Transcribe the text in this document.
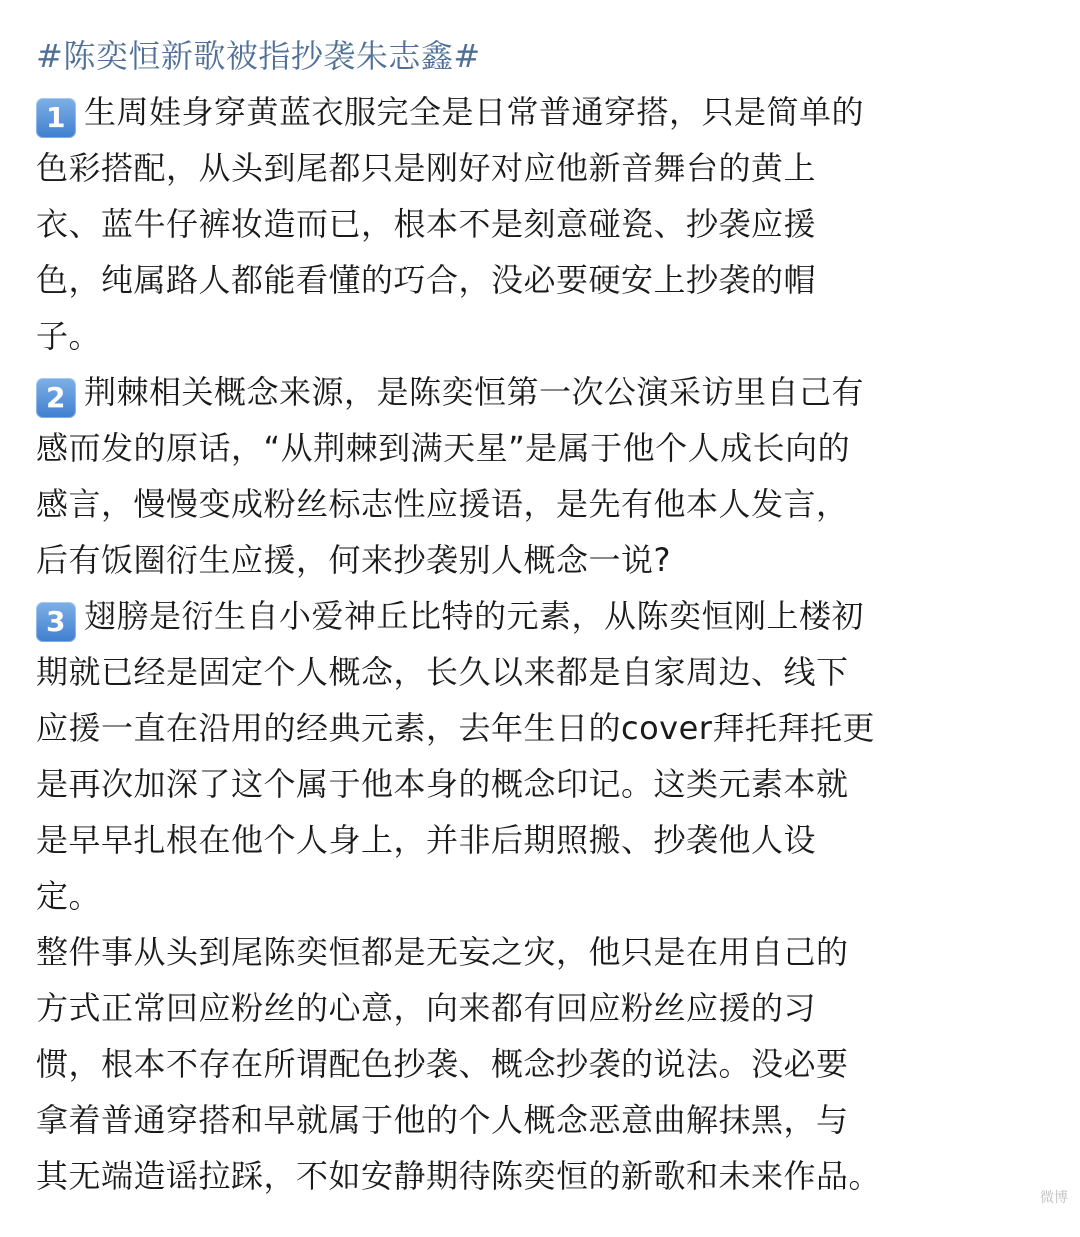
#陈奕恒新歌被指抄袭朱志鑫#
1 生周娃身穿黄蓝衣服完全是日常普通穿搭，只是简单的
色彩搭配，从头到尾都只是刚好对应他新音舞台的黄上
衣、蓝牛仔裤妆造而已，根本不是刻意碰瓷、抄袭应援
色，纯属路人都能看懂的巧合，没必要硬安上抄袭的帽
子。
2 荆棘相关概念来源，是陈奕恒第一次公演采访里自己有
感而发的原话，“从荆棘到满天星”是属于他个人成长向的
感言，慢慢变成粉丝标志性应援语，是先有他本人发言，
后有饭圈衍生应援，何来抄袭别人概念一说?
3 翅膀是衍生自小爱神丘比特的元素，从陈奕恒刚上楼初
期就已经是固定个人概念，长久以来都是自家周边、线下
应援一直在沿用的经典元素，去年生日的cover拜托拜托更
是再次加深了这个属于他本身的概念印记。这类元素本就
是早早扎根在他个人身上，并非后期照搬、抄袭他人设
定。
整件事从头到尾陈奕恒都是无妄之灾，他只是在用自己的
方式正常回应粉丝的心意，向来都有回应粉丝应援的习
惯，根本不存在所谓配色抄袭、概念抄袭的说法。没必要
拿着普通穿搭和早就属于他的个人概念恶意曲解抹黑，与
其无端造谣拉踩，不如安静期待陈奕恒的新歌和未来作品。
微博
